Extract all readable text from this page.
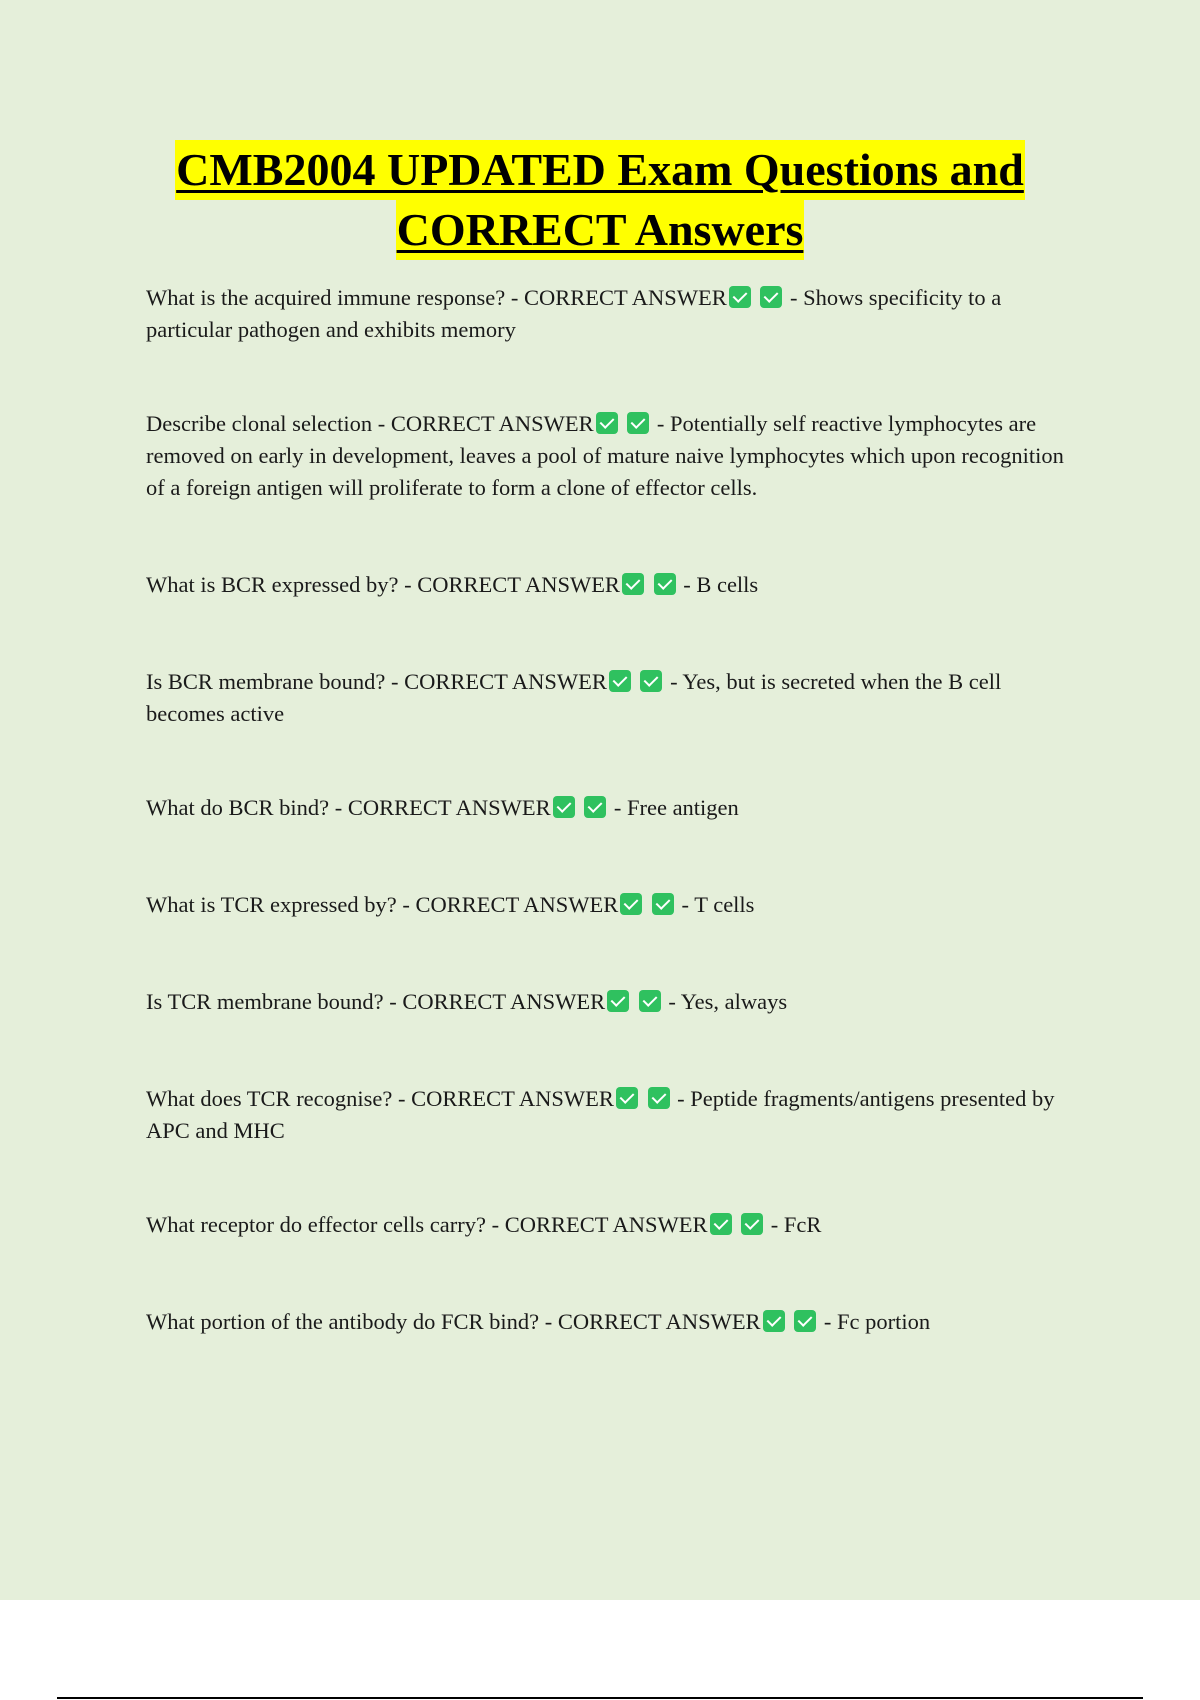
CMB2004 UPDATED Exam Questions and
CORRECT Answers

What is the acquired immune response? - CORRECT ANSWER	- Shows specificity to a particular pathogen and exhibits memory

Describe clonal selection - CORRECT ANSWER	- Potentially self reactive lymphocytes are removed on early in development, leaves a pool of mature naive lymphocytes which upon recognition of a foreign antigen will proliferate to form a clone of effector cells.

What is BCR expressed by? - CORRECT ANSWER	- B cells

Is BCR membrane bound? - CORRECT ANSWER	- Yes, but is secreted when the B cell becomes active

What do BCR bind? - CORRECT ANSWER	- Free antigen

What is TCR expressed by? - CORRECT ANSWER	- T cells

Is TCR membrane bound? - CORRECT ANSWER	- Yes, always

What does TCR recognise? - CORRECT ANSWER	- Peptide fragments/antigens presented by APC and MHC

What receptor do effector cells carry? - CORRECT ANSWER	- FcR

What portion of the antibody do FCR bind? - CORRECT ANSWER	- Fc portion
